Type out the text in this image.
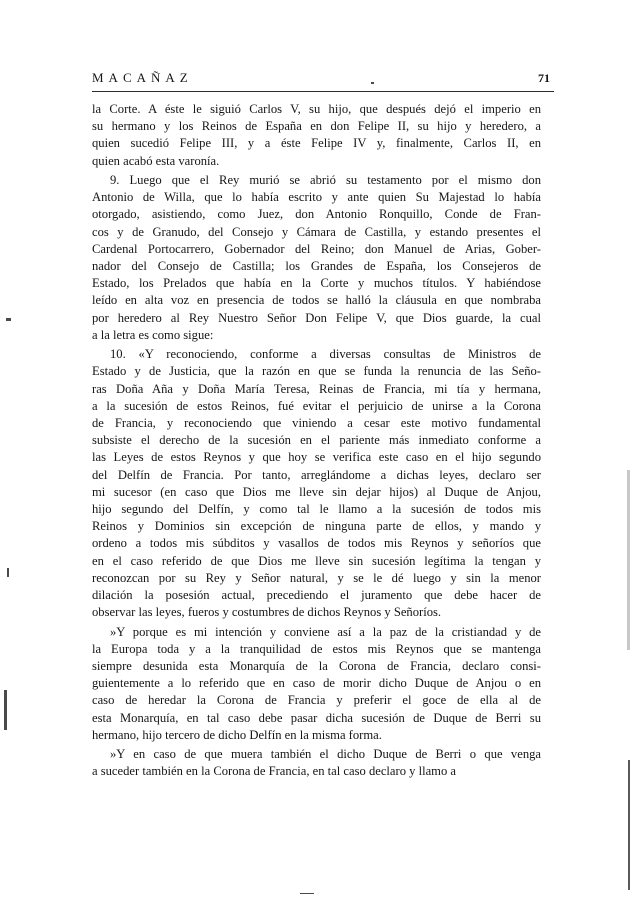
MACAÑAZ	71

la Corte. A éste le siguió Carlos V, su hijo, que después dejó el imperio en
su hermano y los Reinos de España en don Felipe II, su hijo y heredero, a
quien sucedió Felipe III, y a éste Felipe IV y, finalmente, Carlos II, en
quien acabó esta varonía.

9. Luego que el Rey murió se abrió su testamento por el mismo don
Antonio de Willa, que lo había escrito y ante quien Su Majestad lo había
otorgado, asistiendo, como Juez, don Antonio Ronquillo, Conde de Fran-
cos y de Granudo, del Consejo y Cámara de Castilla, y estando presentes el
Cardenal Portocarrero, Gobernador del Reino; don Manuel de Arias, Gober-
nador del Consejo de Castilla; los Grandes de España, los Consejeros de
Estado, los Prelados que había en la Corte y muchos títulos. Y habiéndose
leído en alta voz en presencia de todos se halló la cláusula en que nombraba
por heredero al Rey Nuestro Señor Don Felipe V, que Dios guarde, la cual
a la letra es como sigue:

10. «Y reconociendo, conforme a diversas consultas de Ministros de
Estado y de Justicia, que la razón en que se funda la renuncia de las Seño-
ras Doña Aña y Doña María Teresa, Reinas de Francia, mi tía y hermana,
a la sucesión de estos Reinos, fué evitar el perjuicio de unirse a la Corona
de Francia, y reconociendo que viniendo a cesar este motivo fundamental
subsiste el derecho de la sucesión en el pariente más inmediato conforme a
las Leyes de estos Reynos y que hoy se verifica este caso en el hijo segundo
del Delfín de Francia. Por tanto, arreglándome a dichas leyes, declaro ser
mi sucesor (en caso que Dios me lleve sin dejar hijos) al Duque de Anjou,
hijo segundo del Delfín, y como tal le llamo a la sucesión de todos mis
Reinos y Dominios sin excepción de ninguna parte de ellos, y mando y
ordeno a todos mis súbditos y vasallos de todos mis Reynos y señoríos que
en el caso referido de que Dios me lleve sin sucesión legítima la tengan y
reconozcan por su Rey y Señor natural, y se le dé luego y sin la menor
dilación la posesión actual, precediendo el juramento que debe hacer de
observar las leyes, fueros y costumbres de dichos Reynos y Señoríos.

»Y porque es mi intención y conviene así a la paz de la cristiandad y de
la Europa toda y a la tranquilidad de estos mis Reynos que se mantenga
siempre desunida esta Monarquía de la Corona de Francia, declaro consi-
guientemente a lo referido que en caso de morir dicho Duque de Anjou o en
caso de heredar la Corona de Francia y preferir el goce de ella al de
esta Monarquía, en tal caso debe pasar dicha sucesión de Duque de Berri su
hermano, hijo tercero de dicho Delfín en la misma forma.

»Y en caso de que muera también el dicho Duque de Berri o que venga
a suceder también en la Corona de Francia, en tal caso declaro y llamo a
